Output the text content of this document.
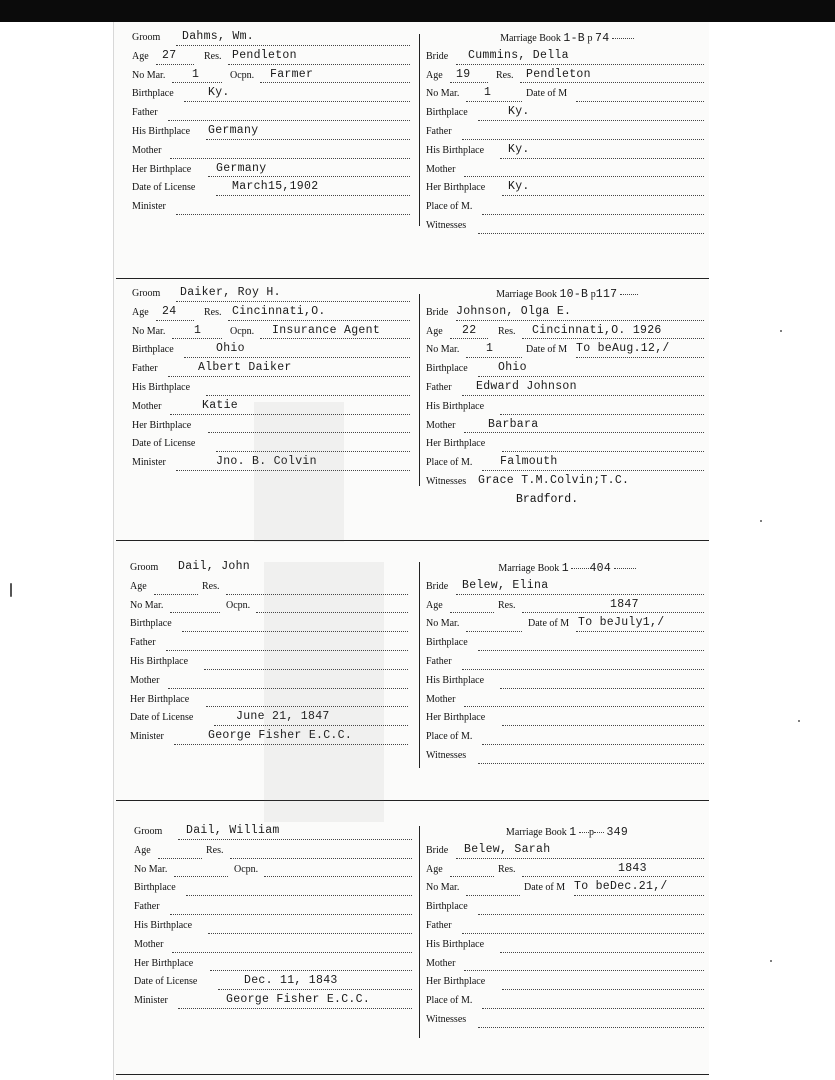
Groom Dahms, Wm.
Age 27	Res. Pendleton
No Mar. 1	Ocpn. Farmer
Birthplace	Ky.
Father
His Birthplace Germany
Mother
Her Birthplace Germany
Date of License	March15,1902
Minister
Marriage Book 1-B p 74
Bride Cummins, Della
Age 19	Res. Pendleton
No Mar. 1	Date of M
Birthplace	Ky.
Father
His Birthplace Ky.
Mother
Her Birthplace Ky.
Place of M.
Witnesses
Groom Daiker, Roy H.
Age 24	Res. Cincinnati,O.
No Mar. 1	Ocpn. Insurance Agent
Birthplace	Ohio
Father	Albert Daiker
His Birthplace
Mother	Katie
Her Birthplace
Date of License
Minister	Jno. B. Colvin
Marriage Book 10-B p117
Bride Johnson, Olga E.
Age 22 Res. Cincinnati,O. 1926
No Mar. 1	Date of M To beAug.12,/
Birthplace	Ohio
Father Edward Johnson
His Birthplace
Mother	Barbara
Her Birthplace
Place of M. Falmouth
Witnesses Grace T.M.Colvin;T.C.
Bradford.
Groom Dail, John
Age	Res.
No Mar.	Ocpn.
Birthplace
Father
His Birthplace
Mother
Her Birthplace
Date of License	June 21, 1847
Minister	George Fisher E.C.C.
Marriage Book 1 404
Bride Belew, Elina
Age	Res.	1847
No Mar.	Date of M To beJuly1,/
Birthplace
Father
His Birthplace
Mother
Her Birthplace
Place of M.
Witnesses
Groom Dail, William
Age	Res.
No Mar.	Ocpn.
Birthplace
Father
His Birthplace
Mother
Her Birthplace
Date of License	Dec. 11, 1843
Minister	George Fisher E.C.C.
Marriage Book 1 p 349
Bride Belew, Sarah
Age	Res.	1843
No Mar.	Date of M To beDec.21,/
Birthplace
Father
His Birthplace
Mother
Her Birthplace
Place of M.
Witnesses
